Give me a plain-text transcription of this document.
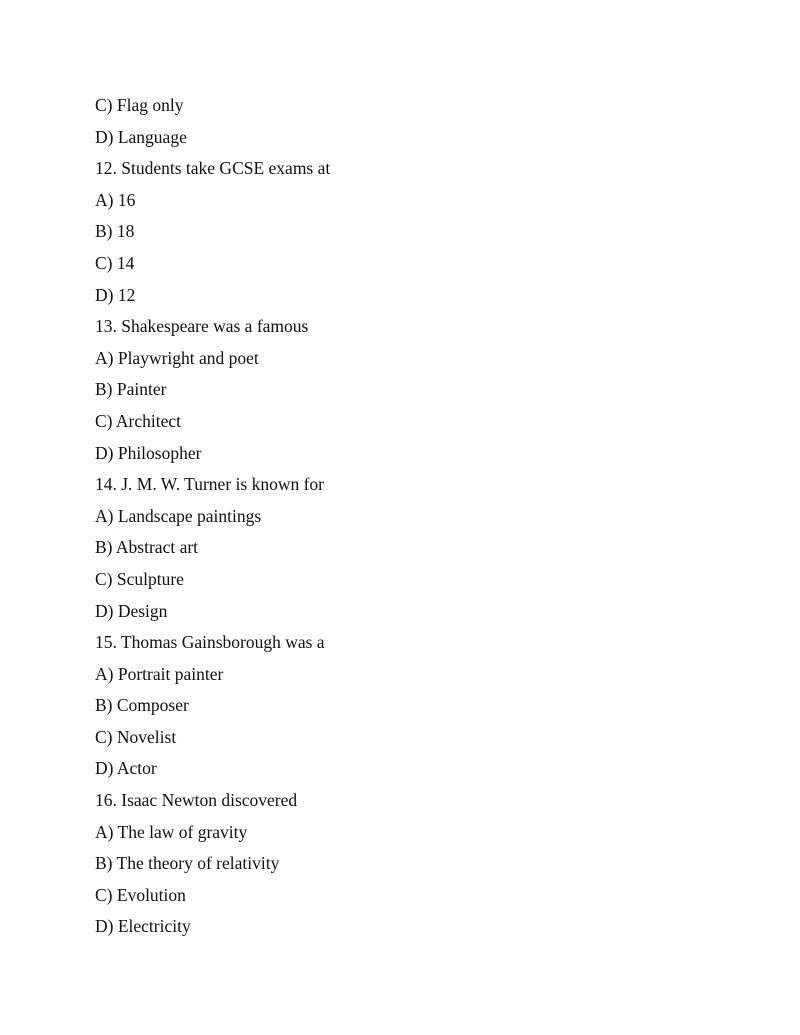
C) Flag only
D) Language
12. Students take GCSE exams at
A) 16
B) 18
C) 14
D) 12
13. Shakespeare was a famous
A) Playwright and poet
B) Painter
C) Architect
D) Philosopher
14. J. M. W. Turner is known for
A) Landscape paintings
B) Abstract art
C) Sculpture
D) Design
15. Thomas Gainsborough was a
A) Portrait painter
B) Composer
C) Novelist
D) Actor
16. Isaac Newton discovered
A) The law of gravity
B) The theory of relativity
C) Evolution
D) Electricity
